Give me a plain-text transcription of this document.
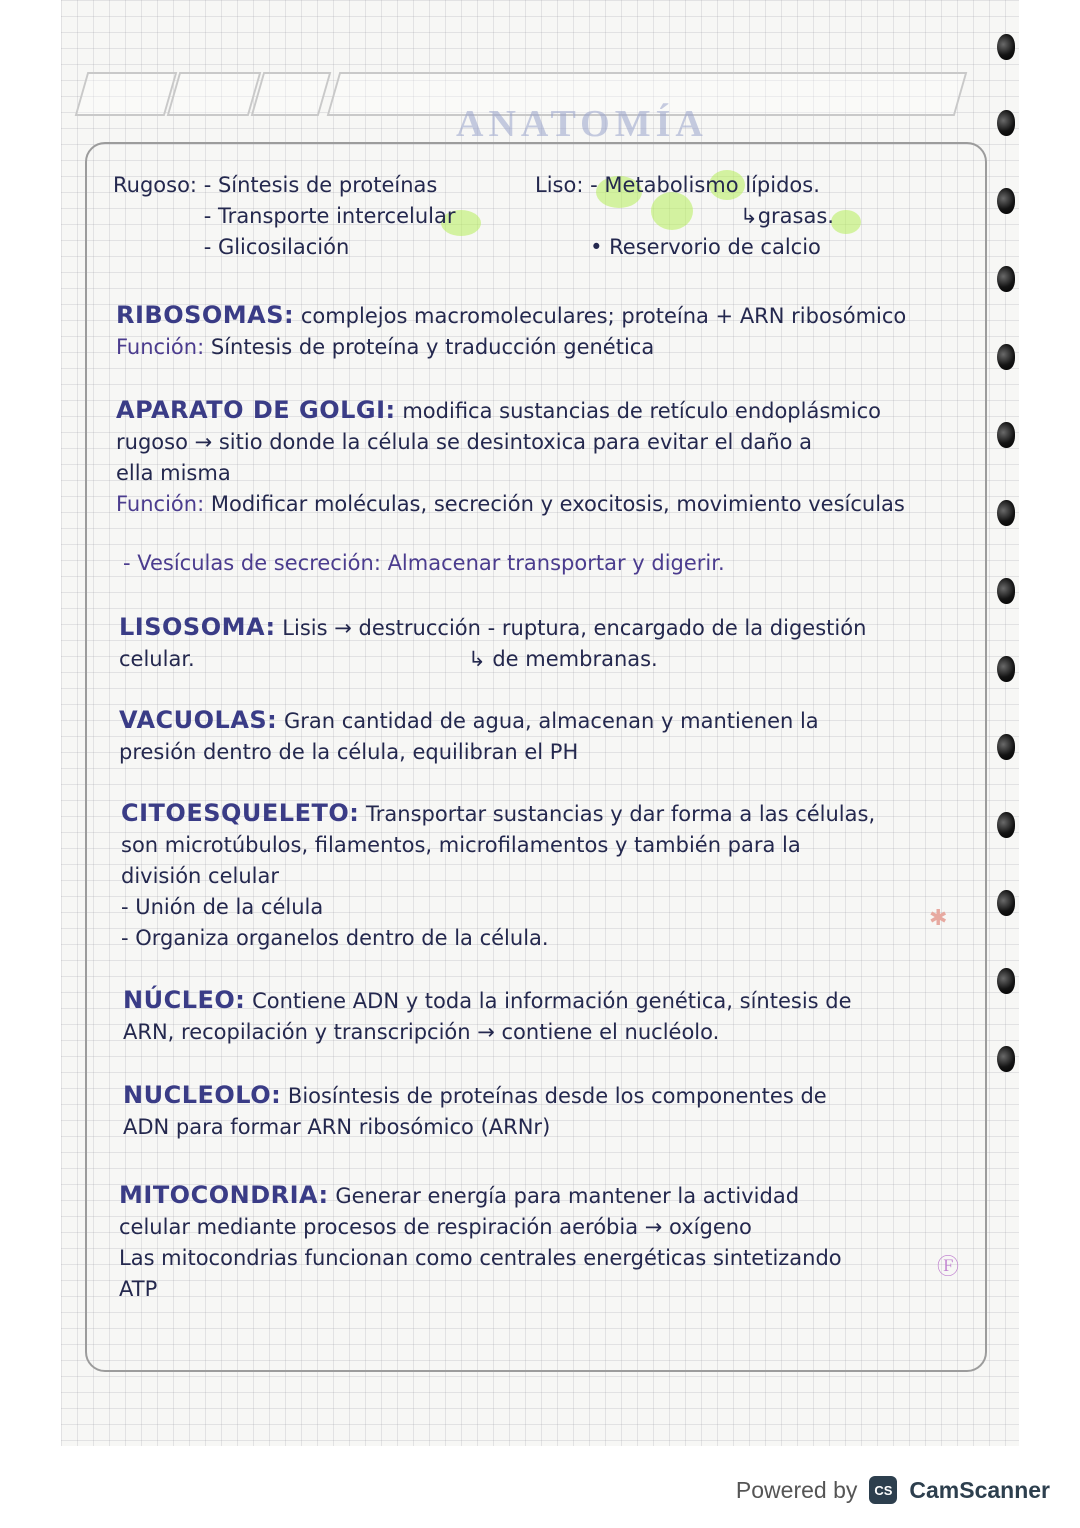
ANATOMÍA
Rugoso: - Síntesis de proteínas
- Transporte intercelular
- Glicosilación
Liso: - Metabolismo lípidos.
↳grasas.
• Reservorio de calcio
RIBOSOMAS: complejos macromoleculares; proteína + ARN ribosómico
Función: Síntesis de proteína y traducción genética
APARATO DE GOLGI: modifica sustancias de retículo endoplásmico
rugoso → sitio donde la célula se desintoxica para evitar el daño a
ella misma
Función: Modificar moléculas, secreción y exocitosis, movimiento vesículas
- Vesículas de secreción: Almacenar transportar y digerir.
LISOSOMA: Lisis → destrucción - ruptura, encargado de la digestión
celular.	↳ de membranas.
VACUOLAS: Gran cantidad de agua, almacenan y mantienen la
presión dentro de la célula, equilibran el PH
CITOESQUELETO: Transportar sustancias y dar forma a las células,
son microtúbulos, filamentos, microfilamentos y también para la
división celular
- Unión de la célula
- Organiza organelos dentro de la célula.
NÚCLEO: Contiene ADN y toda la información genética, síntesis de
ARN, recopilación y transcripción → contiene el nucléolo.
NUCLEOLO: Biosíntesis de proteínas desde los componentes de
ADN para formar ARN ribosómico (ARNr)
MITOCONDRIA: Generar energía para mantener la actividad
celular mediante procesos de respiración aeróbia → oxígeno
Las mitocondrias funcionan como centrales energéticas sintetizando
ATP
✱
Ⓕ
Powered by	CS CamScanner
